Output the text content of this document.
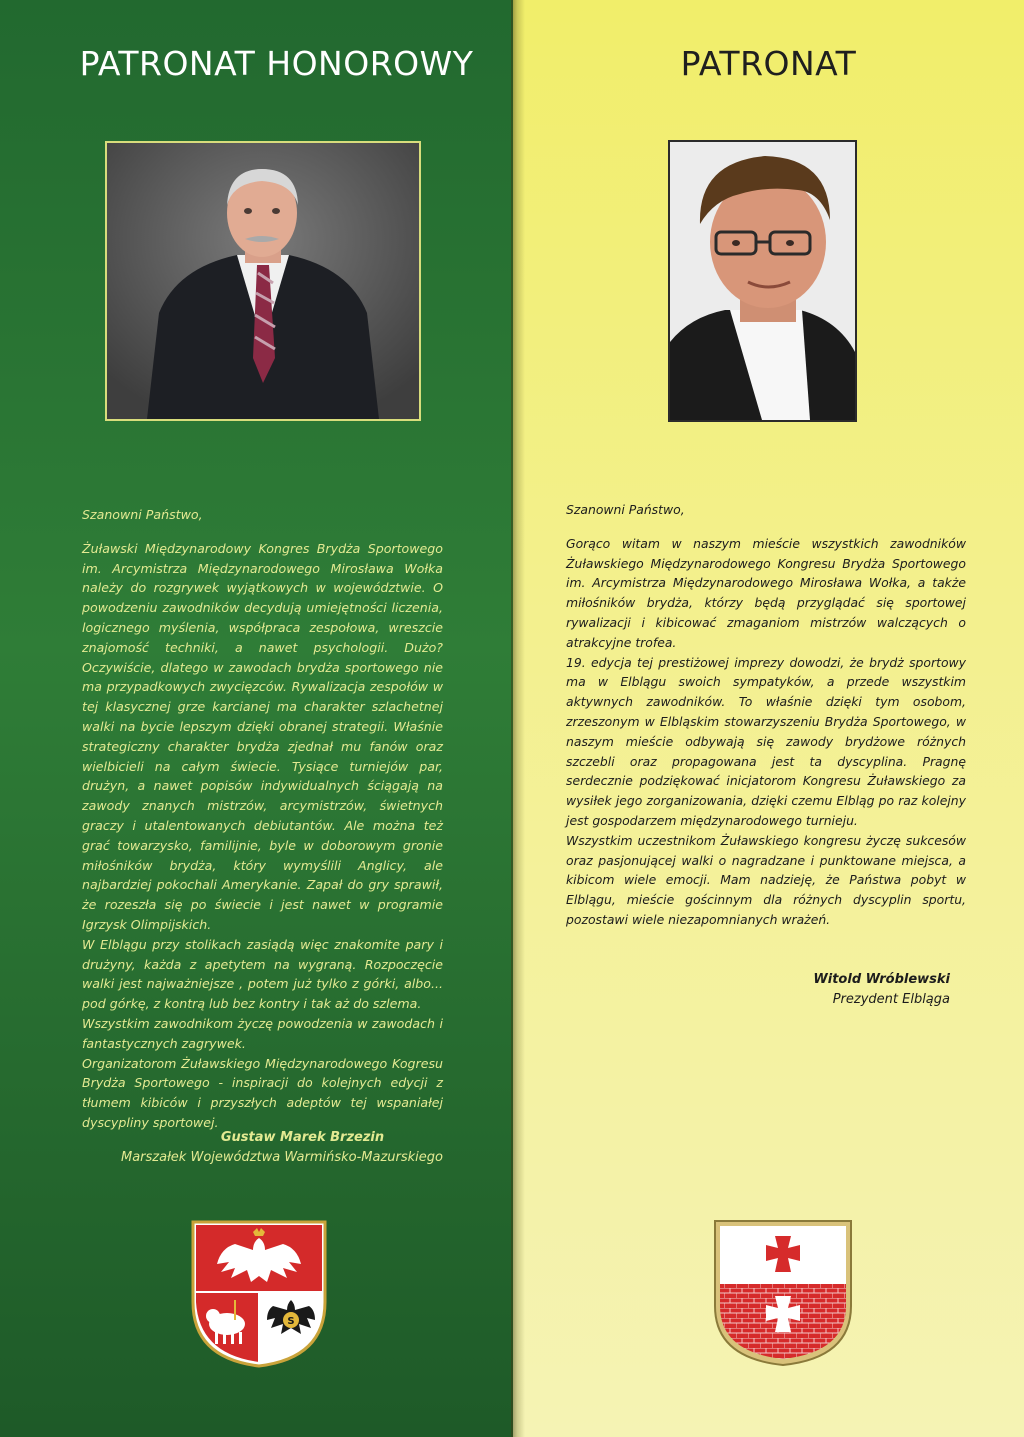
PATRONAT HONOROWY	PATRONAT

Szanowni Państwo,

Żuławski Międzynarodowy Kongres Brydża Sportowego im. Arcymistrza Międzynarodowego Mirosława Wołka należy do rozgrywek wyjątkowych w województwie. O powodzeniu zawodników decydują umiejętności liczenia, logicznego myślenia, współpraca zespołowa, wreszcie znajomość techniki, a nawet psychologii. Dużo? Oczywiście, dlatego w zawodach brydża sportowego nie ma przypadkowych zwycięzców. Rywalizacja zespołów w tej klasycznej grze karcianej ma charakter szlachetnej walki na bycie lepszym dzięki obranej strategii. Właśnie strategiczny charakter brydża zjednał mu fanów oraz wielbicieli na całym świecie. Tysiące turniejów par, drużyn, a nawet popisów indywidualnych ściągają na zawody znanych mistrzów, arcymistrzów, świetnych graczy i utalentowanych debiutantów. Ale można też grać towarzysko, familijnie, byle w doborowym gronie miłośników brydża, który wymyślili Anglicy, ale najbardziej pokochali Amerykanie. Zapał do gry sprawił, że rozeszła się po świecie i jest nawet w programie Igrzysk Olimpijskich.

W Elblągu przy stolikach zasiądą więc znakomite pary i drużyny, każda z apetytem na wygraną. Rozpoczęcie walki jest najważniejsze , potem już tylko z górki, albo... pod górkę, z kontrą lub bez kontry i tak aż do szlema.

Wszystkim zawodnikom życzę powodzenia w zawodach i fantastycznych zagrywek.

Organizatorom Żuławskiego Międzynarodowego Kogresu Brydża Sportowego - inspiracji do kolejnych edycji z tłumem kibiców i przyszłych adeptów tej wspaniałej dyscypliny sportowej.

Gustaw Marek Brzezin
Marszałek Województwa Warmińsko-Mazurskiego

Szanowni Państwo,

Gorąco witam w naszym mieście wszystkich zawodników Żuławskiego Międzynarodowego Kongresu Brydża Sportowego im. Arcymistrza Międzynarodowego Mirosława Wołka, a także miłośników brydża, którzy będą przyglądać się sportowej rywalizacji i kibicować zmaganiom mistrzów walczących o atrakcyjne trofea.

19. edycja tej prestiżowej imprezy dowodzi, że brydż sportowy ma w Elblągu swoich sympatyków, a przede wszystkim aktywnych zawodników. To właśnie dzięki tym osobom, zrzeszonym w Elbląskim stowarzyszeniu Brydża Sportowego, w naszym mieście odbywają się zawody brydżowe różnych szczebli oraz propagowana jest ta dyscyplina. Pragnę serdecznie podziękować inicjatorom Kongresu Żuławskiego za wysiłek jego zorganizowania, dzięki czemu Elbląg po raz kolejny jest gospodarzem międzynarodowego turnieju.

Wszystkim uczestnikom Żuławskiego kongresu życzę sukcesów oraz pasjonującej walki o nagradzane i punktowane miejsca, a kibicom wiele emocji. Mam nadzieję, że Państwa pobyt w Elblągu, mieście gościnnym dla różnych dyscyplin sportu, pozostawi wiele niezapomnianych wrażeń.

Witold Wróblewski
Prezydent Elbląga
S
